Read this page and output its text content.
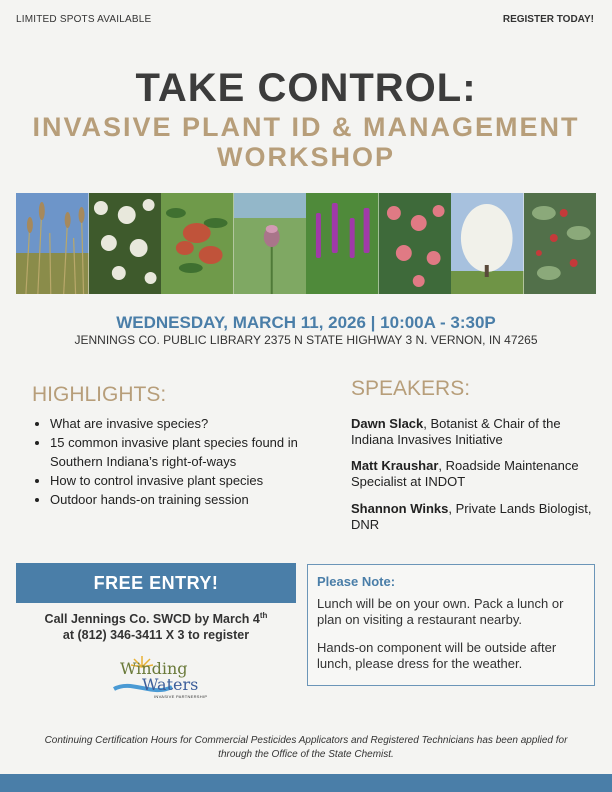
LIMITED SPOTS AVAILABLE	REGISTER TODAY!
TAKE CONTROL:
INVASIVE PLANT ID & MANAGEMENT
WORKSHOP
WEDNESDAY, MARCH 11, 2026 | 10:00A - 3:30P
JENNINGS CO. PUBLIC LIBRARY 2375 N STATE HIGHWAY 3 N. VERNON, IN 47265
HIGHLIGHTS:
• What are invasive species?
• 15 common invasive plant species found in Southern Indiana’s right-of-ways
• How to control invasive plant species
• Outdoor hands-on training session
SPEAKERS:
Dawn Slack, Botanist & Chair of the Indiana Invasives Initiative
Matt Kraushar, Roadside Maintenance Specialist at INDOT
Shannon Winks, Private Lands Biologist, DNR
FREE ENTRY!
Call Jennings Co. SWCD by March 4th
at (812) 346-3411 X 3 to register
Please Note:
Lunch will be on your own. Pack a lunch or plan on visiting a restaurant nearby.
Hands-on component will be outside after lunch, please dress for the weather.
Winding
Waters
INVASIVE PARTNERSHIP
Continuing Certification Hours for Commercial Pesticides Applicators and Registered Technicians has been applied for through the Office of the State Chemist.
